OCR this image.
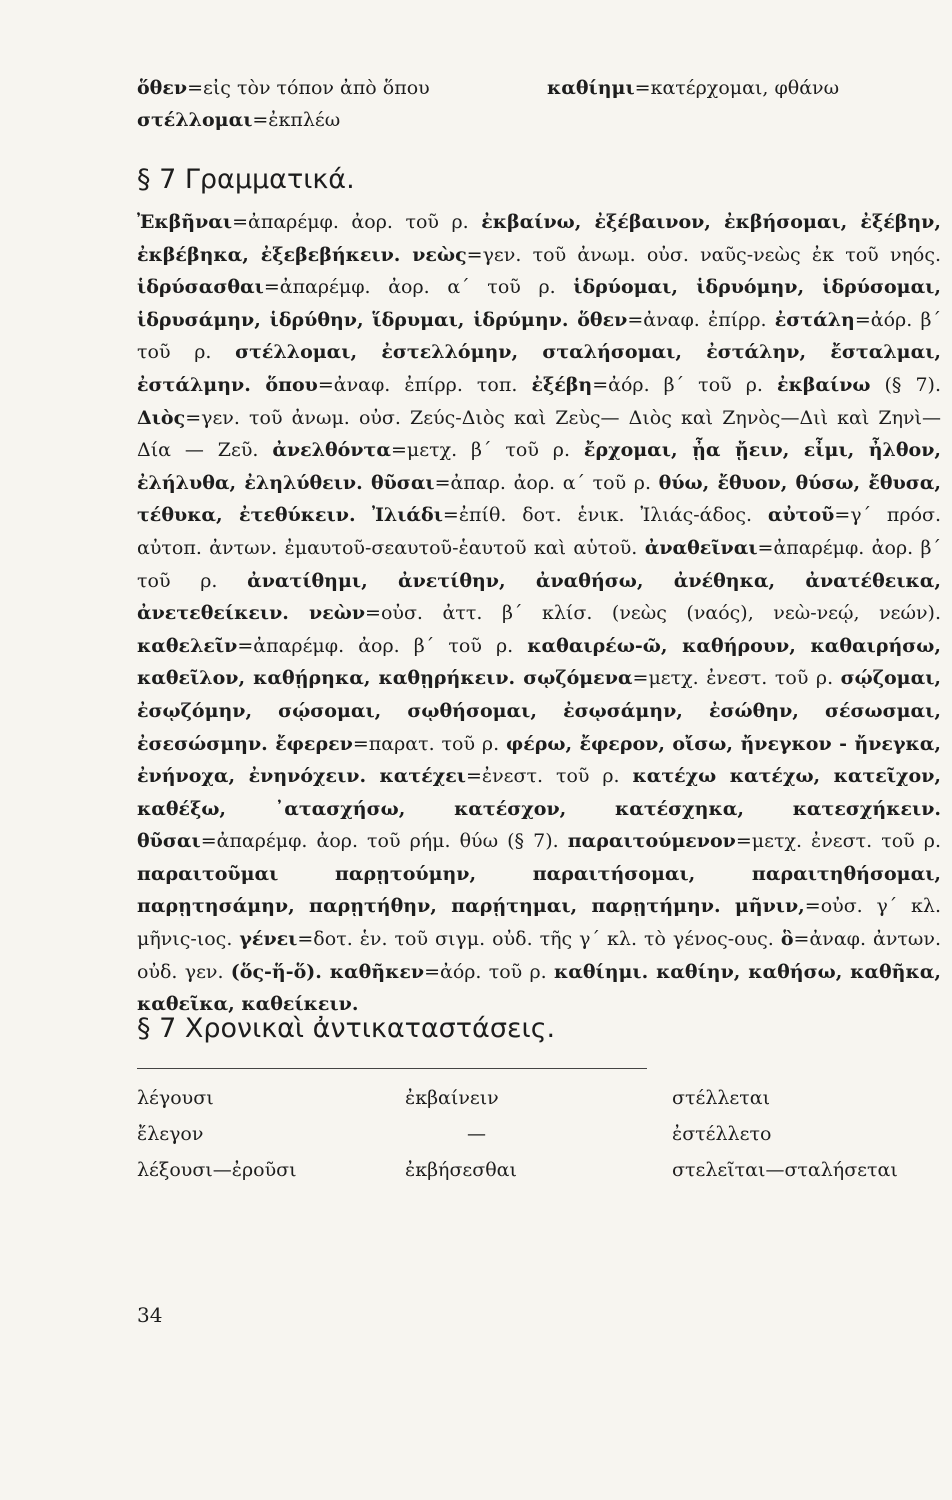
ὅθεν=εἰς τὸν τόπον ἀπὸ ὅπου	καθίημι=κατέρχομαι, φθάνω
στέλλομαι=ἐκπλέω
§ 7 Γραμματικά.

Ἐκβῆναι=ἀπαρέμφ. ἀορ. τοῦ ρ. ἐκβαίνω, ἐξέβαινον, ἐκβήσομαι, ἐξέβην, ἐκβέβηκα, ἐξεβεβήκειν. νεὼς=γεν. τοῦ ἀνωμ. οὐσ. ναῦς-νεὼς ἐκ τοῦ νηός. ἱδρύσασθαι=ἀπαρέμφ. ἀορ. α΄ τοῦ ρ. ἱδρύομαι, ἱδρυόμην, ἱδρύσομαι, ἱδρυσάμην, ἱδρύθην, ἵδρυμαι, ἱδρύμην. ὅθεν=ἀναφ. ἐπίρρ. ἐστάλη=ἀόρ. β΄ τοῦ ρ. στέλλομαι, ἐστελλόμην, σταλήσομαι, ἐστάλην, ἔσταλμαι, ἐστάλμην. ὅπου=ἀναφ. ἐπίρρ. τοπ. ἐξέβη=ἀόρ. β΄ τοῦ ρ. ἐκβαίνω (§ 7). Διὸς=γεν. τοῦ ἀνωμ. οὐσ. Ζεύς-Διὸς καὶ Ζεὺς— Διὸς καὶ Ζηνὸς—Διὶ καὶ Ζηνὶ—Δία — Ζεῦ. ἀνελθόντα=μετχ. β΄ τοῦ ρ. ἔρχομαι, ᾖα ᾔειν, εἶμι, ἦλθον, ἐλήλυθα, ἐληλύθειν. θῦσαι=ἀπαρ. ἀορ. α΄ τοῦ ρ. θύω, ἔθυον, θύσω, ἔθυσα, τέθυκα, ἐτεθύκειν. Ἰλιάδι=ἐπίθ. δοτ. ἑνικ. Ἰλιάς-άδος. αὐτοῦ=γ΄ πρόσ. αὐτοπ. ἀντων. ἐμαυτοῦ-σεαυτοῦ-ἑαυτοῦ καὶ αὑτοῦ. ἀναθεῖναι=ἀπαρέμφ. ἀορ. β΄ τοῦ ρ. ἀνατίθημι, ἀνετίθην, ἀναθήσω, ἀνέθηκα, ἀνατέθεικα, ἀνετεθείκειν. νεὼν=οὐσ. ἀττ. β΄ κλίσ. (νεὼς (ναός), νεὼ-νεῴ, νεών). καθελεῖν=ἀπαρέμφ. ἀορ. β΄ τοῦ ρ. καθαιρέω-ῶ, καθήρουν, καθαιρήσω, καθεῖλον, καθῄρηκα, καθῃρήκειν. σῳζόμενα=μετχ. ἐνεστ. τοῦ ρ. σῴζομαι, ἐσῳζόμην, σῴσομαι, σῳθήσομαι, ἐσῳσάμην, ἐσώθην, σέσωσμαι, ἐσεσώσμην. ἔφερεν=παρατ. τοῦ ρ. φέρω, ἔφερον, οἴσω, ἤνεγκον - ἤνεγκα, ἐνήνοχα, ἐνηνόχειν. κατέχει=ἐνεστ. τοῦ ρ. κατέχω κατέχω, κατεῖχον, καθέξω, ᾿ατασχήσω, κατέσχον, κατέσχηκα, κατεσχήκειν. θῦσαι=ἀπαρέμφ. ἀορ. τοῦ ρήμ. θύω (§ 7). παραιτούμενον=μετχ. ἐνεστ. τοῦ ρ. παραιτοῦμαι παρῃτούμην, παραιτήσομαι, παραιτηθήσομαι, παρῃτησάμην, παρῃτήθην, παρῄτημαι, παρῃτήμην. μῆνιν,=οὐσ. γ΄ κλ. μῆνις-ιος. γένει=δοτ. ἑν. τοῦ σιγμ. οὐδ. τῆς γ΄ κλ. τὸ γένος-ους. ὃ=ἀναφ. ἀντων. οὐδ. γεν. (ὅς-ἥ-ὅ). καθῆκεν=ἀόρ. τοῦ ρ. καθίημι. καθίην, καθήσω, καθῆκα, καθεῖκα, καθείκειν.

§ 7 Χρονικαὶ ἀντικαταστάσεις.
λέγουσι	ἐκβαίνειν	στέλλεται
ἔλεγον	—	ἐστέλλετο
λέξουσι—ἐροῦσι	ἐκβήσεσθαι	στελεῖται—σταλήσεται
34
